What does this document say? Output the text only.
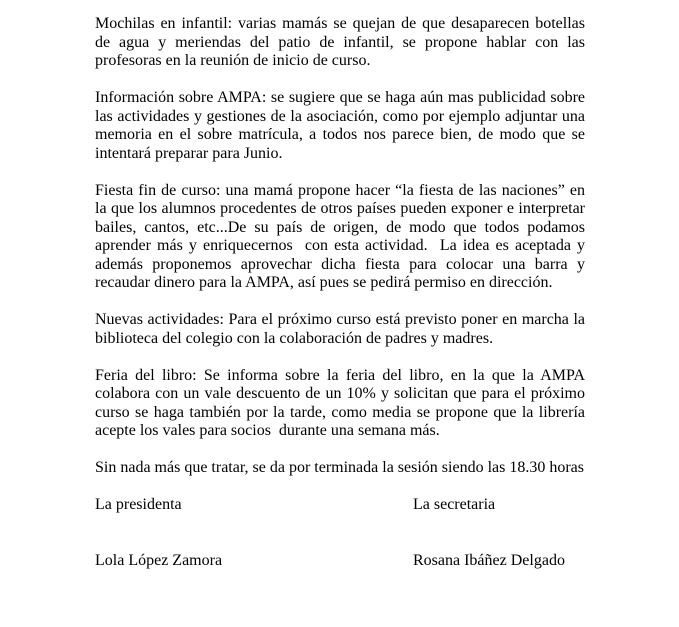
Mochilas en infantil: varias mamás se quejan de que desaparecen botellas de agua y meriendas del patio de infantil, se propone hablar con las profesoras en la reunión de inicio de curso.

Información sobre AMPA: se sugiere que se haga aún mas publicidad sobre las actividades y gestiones de la asociación, como por ejemplo adjuntar una memoria en el sobre matrícula, a todos nos parece bien, de modo que se intentará preparar para Junio.

Fiesta fin de curso: una mamá propone hacer “la fiesta de las naciones” en la que los alumnos procedentes de otros países pueden exponer e interpretar bailes, cantos, etc...De su país de origen, de modo que todos podamos aprender más y enriquecernos  con esta actividad.  La idea es aceptada y además proponemos aprovechar dicha fiesta para colocar una barra y recaudar dinero para la AMPA, así pues se pedirá permiso en dirección.

Nuevas actividades: Para el próximo curso está previsto poner en marcha la biblioteca del colegio con la colaboración de padres y madres.

Feria del libro: Se informa sobre la feria del libro, en la que la AMPA colabora con un vale descuento de un 10% y solicitan que para el próximo curso se haga también por la tarde, como media se propone que la librería acepte los vales para socios  durante una semana más.

Sin nada más que tratar, se da por terminada la sesión siendo las 18.30 horas

La presidenta	La secretaria
Lola López Zamora	Rosana Ibáñez Delgado
